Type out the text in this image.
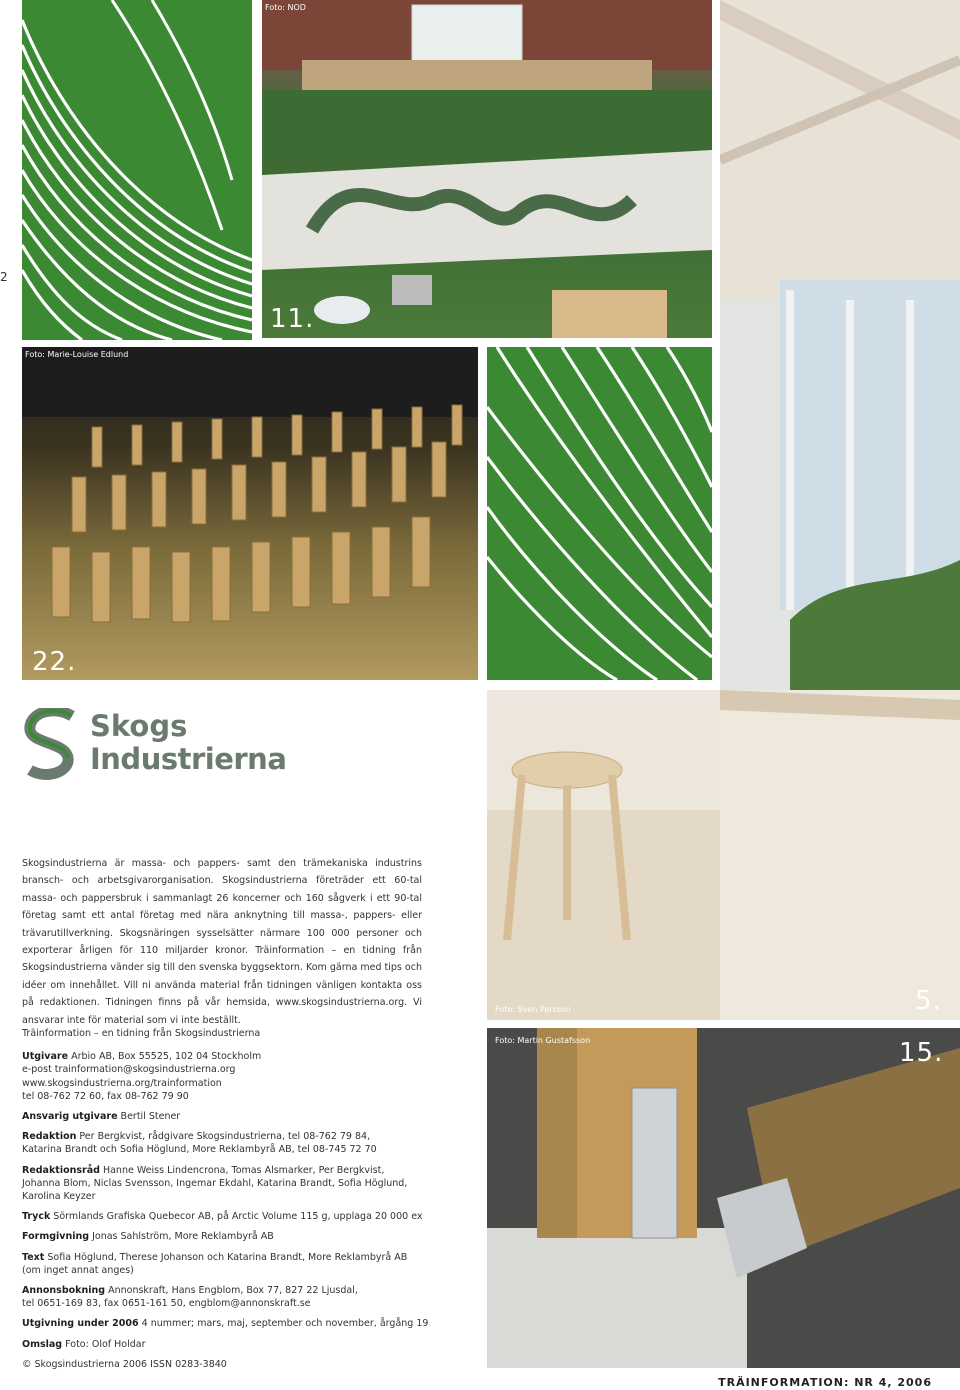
2
Foto: NOD
11.
Foto: Marie-Louise Edlund
22.
Skogs
Industrierna
Skogsindustrierna är massa- och pappers- samt den trämekaniska industrins bransch- och arbetsgivarorganisation. Skogsindustrierna företräder ett 60-tal massa- och pappersbruk i sammanlagt 26 koncerner och 160 sågverk i ett 90-tal företag samt ett antal företag med nära anknytning till massa-, pappers- eller trävarutillverkning. Skogsnäringen sysselsätter närmare 100 000 personer och exporterar årligen för 110 miljarder kronor. Träinformation – en tidning från Skogsindustrierna vänder sig till den svenska byggsektorn. Kom gärna med tips och idéer om innehållet. Vill ni använda material från tidningen vänligen kontakta oss på redaktionen. Tidningen finns på vår hemsida, www.skogsindustrierna.org. Vi ansvarar inte för material som vi inte beställt.
Foto: Sven Persson	5.
Foto: Martin Gustafsson	15.

Träinformation – en tidning från Skogsindustrierna

Utgivare Arbio AB, Box 55525, 102 04 Stockholm
e-post trainformation@skogsindustrierna.org
www.skogsindustrierna.org/trainformation
tel 08-762 72 60, fax 08-762 79 90

Ansvarig utgivare Bertil Stener

Redaktion Per Bergkvist, rådgivare Skogsindustrierna, tel 08-762 79 84,
Katarina Brandt och Sofia Höglund, More Reklambyrå AB, tel 08-745 72 70

Redaktionsråd Hanne Weiss Lindencrona, Tomas Alsmarker, Per Bergkvist,
Johanna Blom, Niclas Svensson, Ingemar Ekdahl, Katarina Brandt, Sofia Höglund,
Karolina Keyzer

Tryck Sörmlands Grafiska Quebecor AB, på Arctic Volume 115 g, upplaga 20 000 ex

Formgivning Jonas Sahlström, More Reklambyrå AB

Text Sofia Höglund, Therese Johanson och Katarina Brandt, More Reklambyrå AB
(om inget annat anges)

Annonsbokning Annonskraft, Hans Engblom, Box 77, 827 22 Ljusdal,
tel 0651-169 83, fax 0651-161 50, engblom@annonskraft.se

Utgivning under 2006 4 nummer; mars, maj, september och november, årgång 19

Omslag Foto: Olof Holdar

© Skogsindustrierna 2006 ISSN 0283-3840

TRÄINFORMATION: NR 4, 2006
